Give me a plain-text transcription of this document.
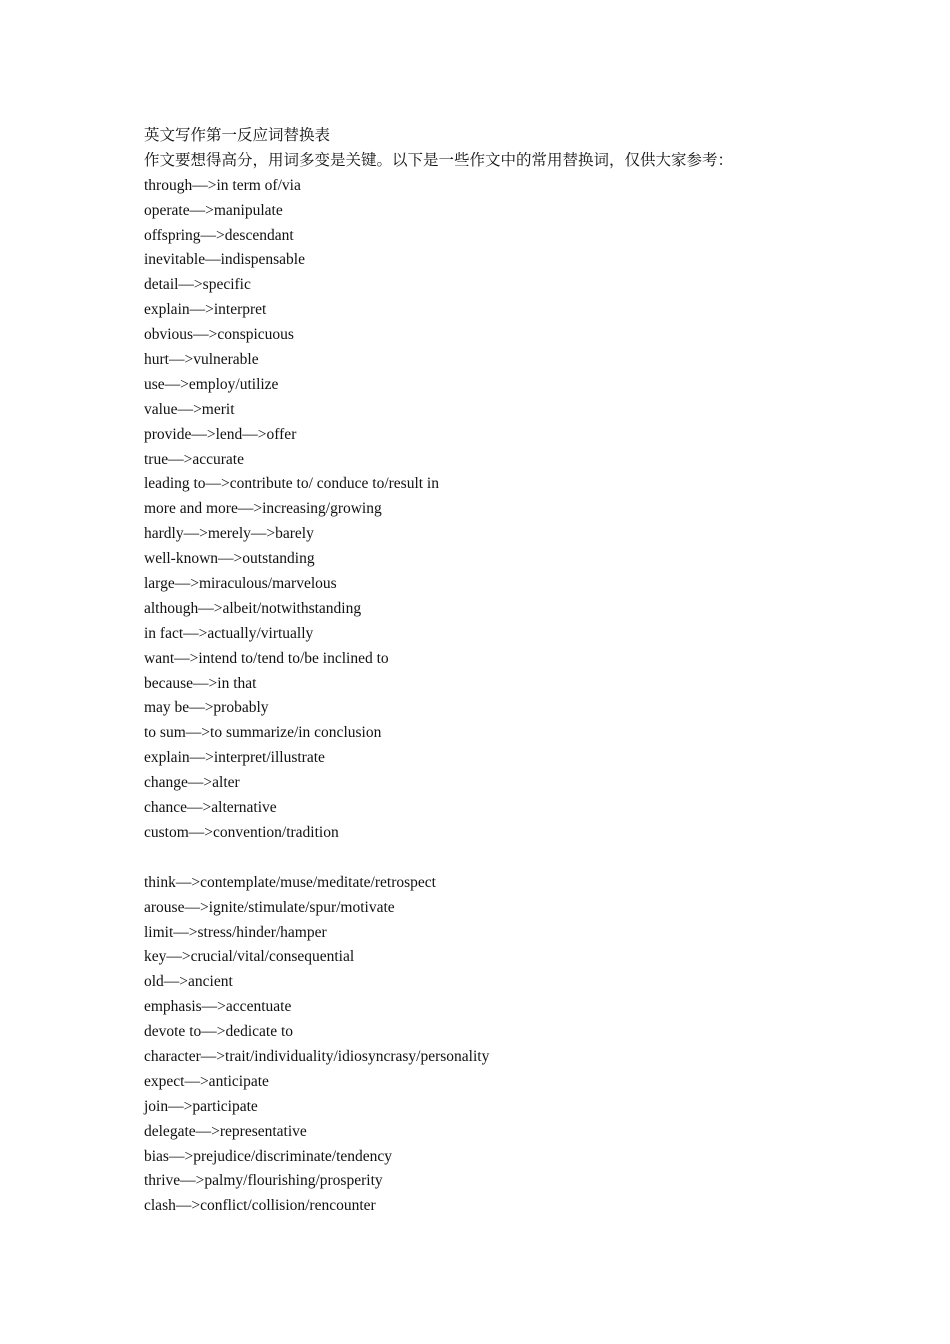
英文写作第一反应词替换表
作文要想得高分，用词多变是关键。以下是一些作文中的常用替换词，仅供大家参考：
through—>in term of/via
operate—>manipulate
offspring—>descendant
inevitable—indispensable
detail—>specific
explain—>interpret
obvious—>conspicuous
hurt—>vulnerable
use—>employ/utilize
value—>merit
provide—>lend—>offer
true—>accurate
leading to—>contribute to/ conduce to/result in
more and more—>increasing/growing
hardly—>merely—>barely
well-known—>outstanding
large—>miraculous/marvelous
although—>albeit/notwithstanding
in fact—>actually/virtually
want—>intend to/tend to/be inclined to
because—>in that
may be—>probably
to sum—>to summarize/in conclusion
explain—>interpret/illustrate
change—>alter
chance—>alternative
custom—>convention/tradition
think—>contemplate/muse/meditate/retrospect
arouse—>ignite/stimulate/spur/motivate
limit—>stress/hinder/hamper
key—>crucial/vital/consequential
old—>ancient
emphasis—>accentuate
devote to—>dedicate to
character—>trait/individuality/idiosyncrasy/personality
expect—>anticipate
join—>participate
delegate—>representative
bias—>prejudice/discriminate/tendency
thrive—>palmy/flourishing/prosperity
clash—>conflict/collision/rencounter
